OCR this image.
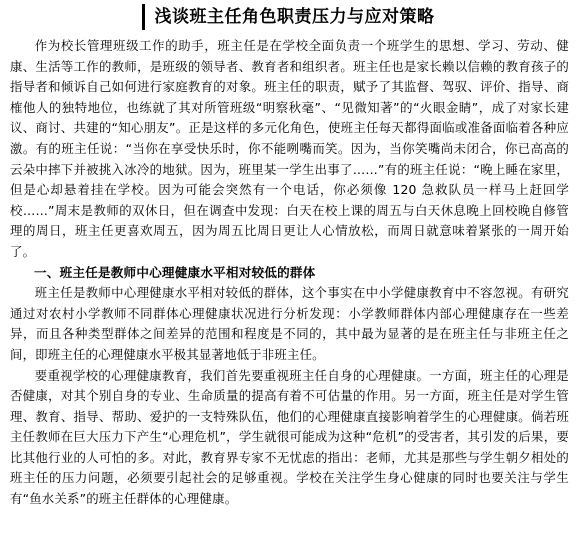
浅谈班主任角色职责压力与应对策略

作为校长管理班级工作的助手，班主任是在学校全面负责一个班学生的思想、学习、劳动、健康、生活等工作的教师，是班级的领导者、教育者和组织者。班主任也是家长赖以信赖的教育孩子的指导者和倾诉自己如何进行家庭教育的对象。班主任的职责，赋予了其监督、驾驭、评价、指导、商榷他人的独特地位，也练就了其对所管班级“明察秋毫”、“见微知著”的“火眼金睛”，成了对家长建议、商讨、共建的“知心朋友”。正是这样的多元化角色，使班主任每天都得面临或准备面临着各种应激。有的班主任说：“当你在享受快乐时，你不能咧嘴而笑。因为，当你笑嘴尚未闭合，你已高高的云朵中摔下并被挑入冰冷的地狱。因为，班里某一学生出事了……”有的班主任说：“晚上睡在家里，但是心却悬着挂在学校。因为可能会突然有一个电话，你必须像 120 急救队员一样马上赶回学校……”周末是教师的双休日，但在调查中发现：白天在校上课的周五与白天休息晚上回校晚自修管理的周日，班主任更喜欢周五，因为周五比周日更让人心情放松，而周日就意味着紧张的一周开始了。

一、班主任是教师中心理健康水平相对较低的群体

班主任是教师中心理健康水平相对较低的群体，这个事实在中小学健康教育中不容忽视。有研究通过对农村小学教师不同群体心理健康状况进行分析发现：小学教师群体内部心理健康存在一些差异，而且各种类型群体之间差异的范围和程度是不同的，其中最为显著的是在班主任与非班主任之间，即班主任的心理健康水平极其显著地低于非班主任。

要重视学校的心理健康教育，我们首先要重视班主任自身的心理健康。一方面，班主任的心理是否健康，对其个别自身的专业、生命质量的提高有着不可估量的作用。另一方面，班主任是对学生管理、教育、指导、帮助、爱护的一支特殊队伍，他们的心理健康直接影响着学生的心理健康。倘若班主任教师在巨大压力下产生“心理危机”，学生就很可能成为这种“危机”的受害者，其引发的后果，要比其他行业的人可怕的多。对此，教育界专家不无忧虑的指出：老师，尤其是那些与学生朝夕相处的班主任的压力问题，必须要引起社会的足够重视。学校在关注学生身心健康的同时也要关注与学生有“鱼水关系”的班主任群体的心理健康。
